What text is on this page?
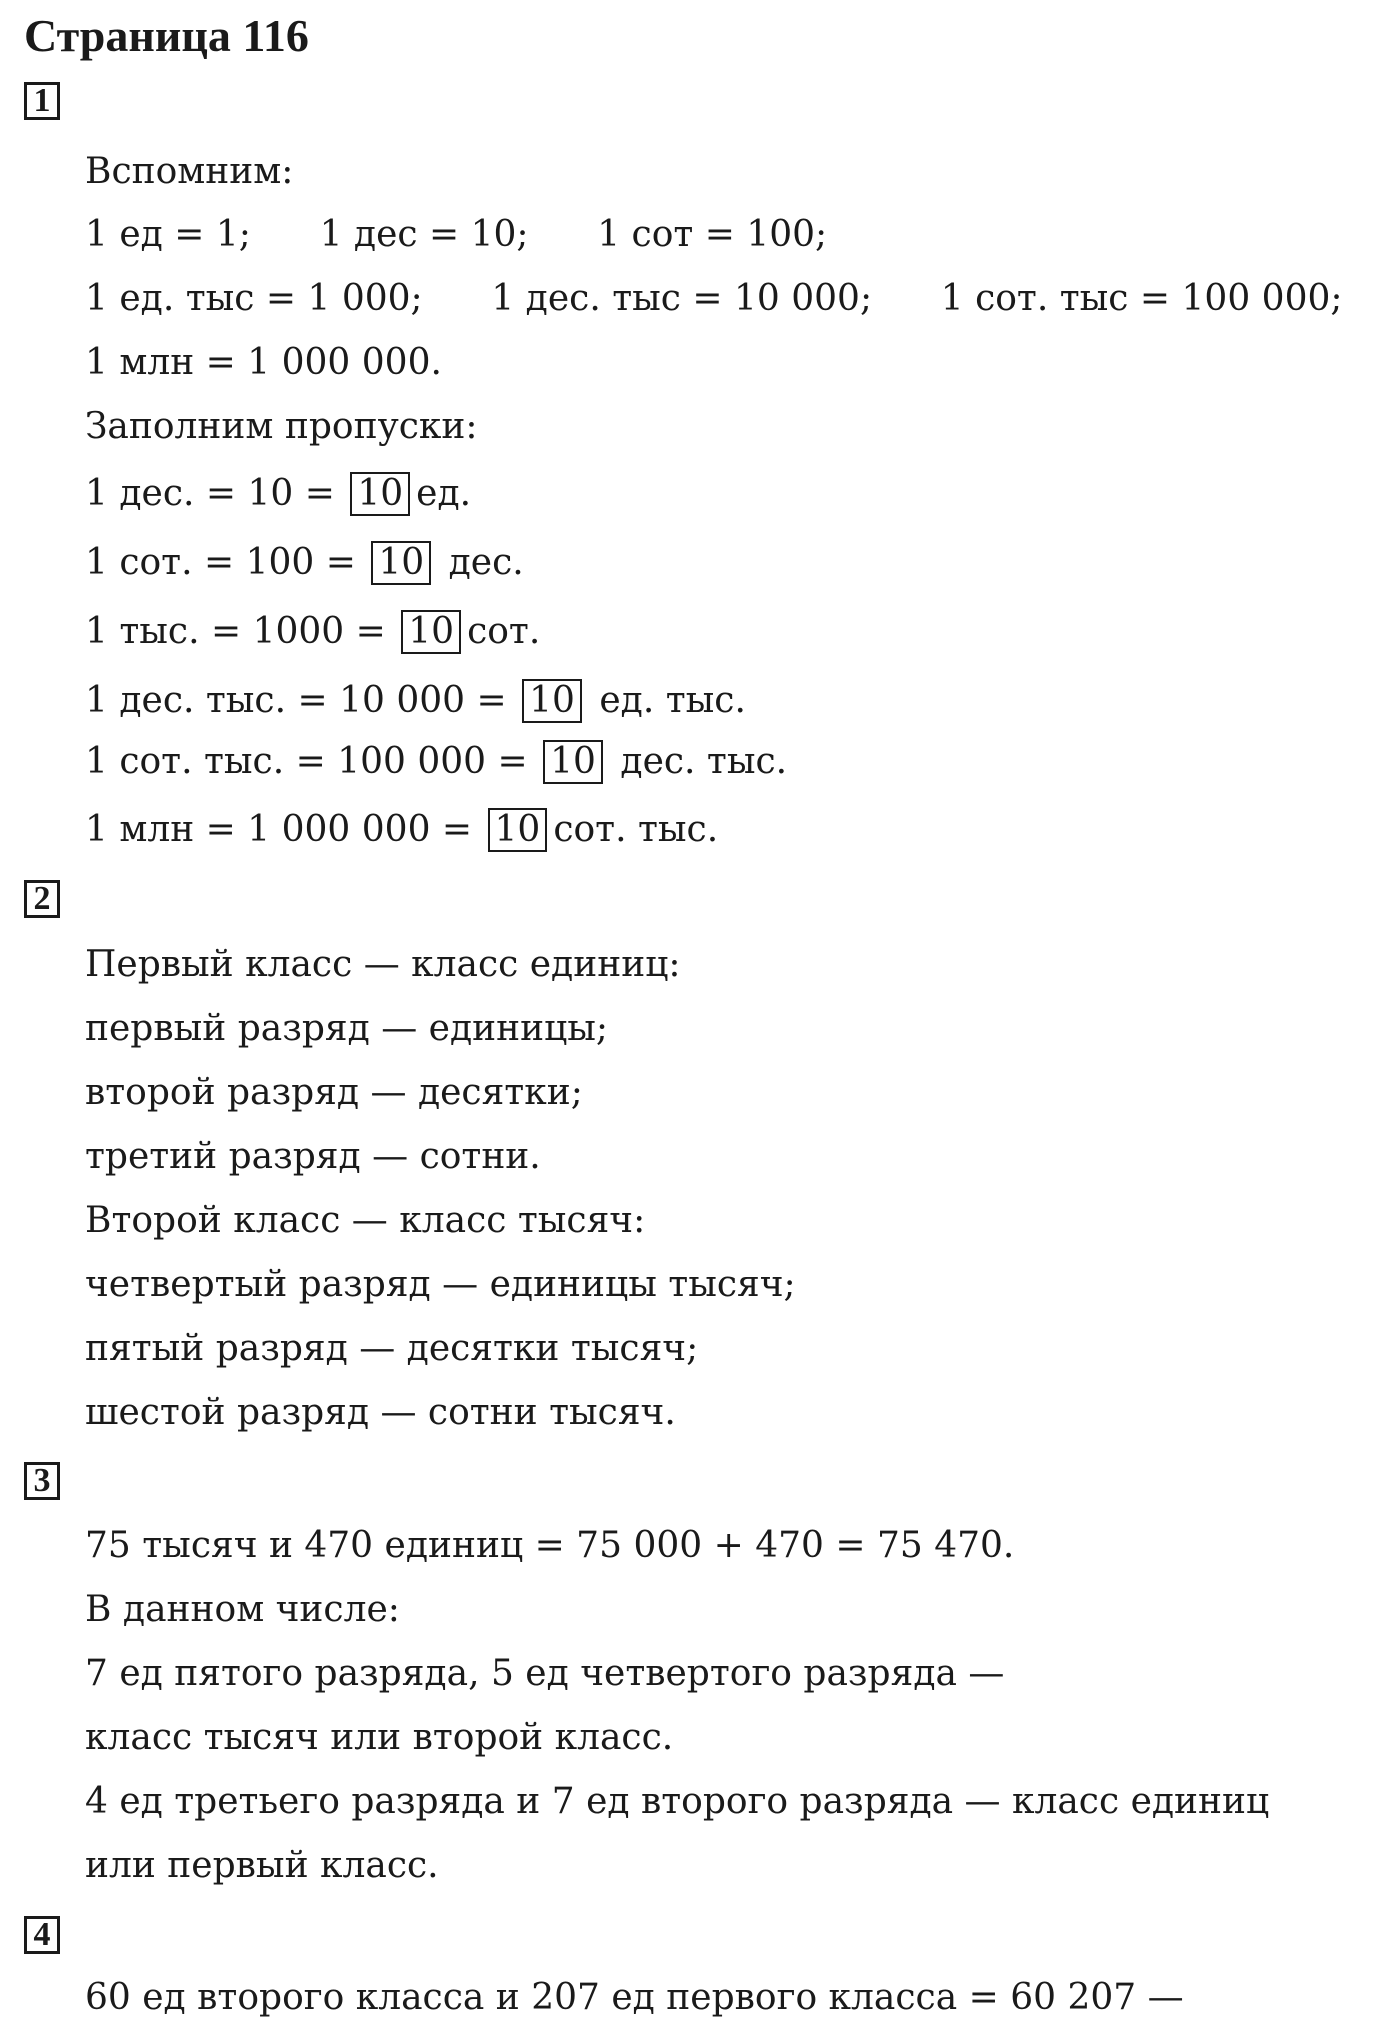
Страница 116
1
Вспомним:
1 ед = 1;      1 дес = 10;      1 сот = 100;
1 ед. тыс = 1 000;      1 дес. тыс = 10 000;      1 сот. тыс = 100 000;
1 млн = 1 000 000.
Заполним пропуски:
1 дес. = 10 = 10 ед.
1 сот. = 100 = 10 дес.
1 тыс. = 1000 = 10 сот.
1 дес. тыс. = 10 000 = 10 ед. тыс.
1 сот. тыс. = 100 000 = 10 дес. тыс.
1 млн = 1 000 000 = 10 сот. тыс.
2
Первый класс — класс единиц:
первый разряд — единицы;
второй разряд — десятки;
третий разряд — сотни.
Второй класс — класс тысяч:
четвертый разряд — единицы тысяч;
пятый разряд — десятки тысяч;
шестой разряд — сотни тысяч.
3
75 тысяч и 470 единиц = 75 000 + 470 = 75 470.
В данном числе:
7 ед пятого разряда, 5 ед четвертого разряда —
класс тысяч или второй класс.
4 ед третьего разряда и 7 ед второго разряда — класс единиц
или первый класс.
4
60 ед второго класса и 207 ед первого класса = 60 207 —
